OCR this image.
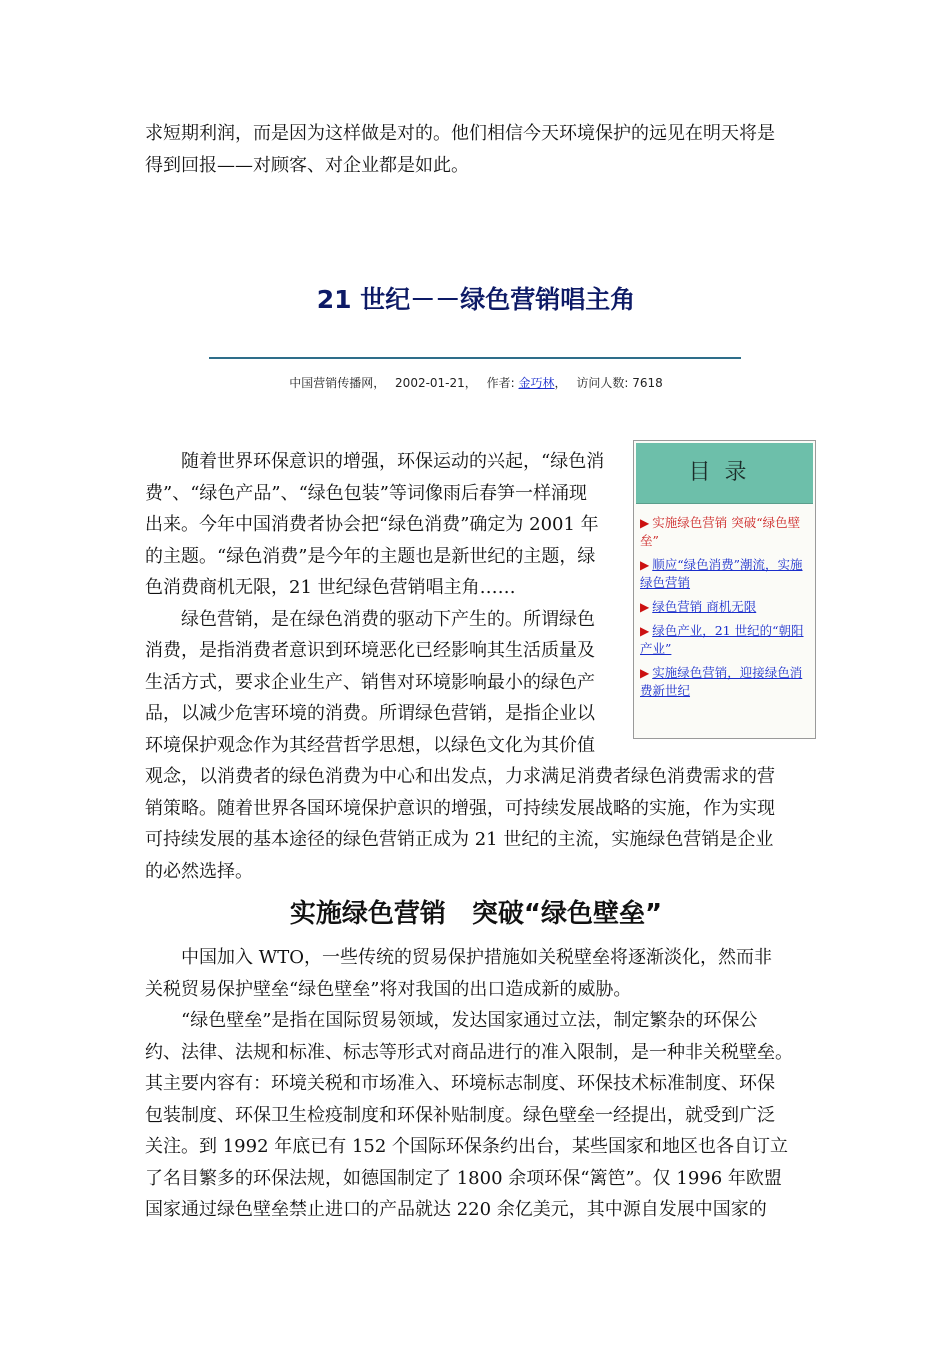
求短期利润，而是因为这样做是对的。他们相信今天环境保护的远见在明天将是
得到回报——对顾客、对企业都是如此。

21 世纪－－绿色营销唱主角
中国营销传播网， 2002-01-21， 作者: 金巧林， 访问人数: 7618
目录
▶ 实施绿色营销 突破“绿色壁垒”
▶ 顺应“绿色消费”潮流，实施绿色营销
▶ 绿色营销 商机无限
▶ 绿色产业，21 世纪的“朝阳产业”
▶ 实施绿色营销，迎接绿色消费新世纪
随着世界环保意识的增强，环保运动的兴起，“绿色消
费”、“绿色产品”、“绿色包装”等词像雨后春笋一样涌现
出来。今年中国消费者协会把“绿色消费”确定为 2001 年
的主题。“绿色消费”是今年的主题也是新世纪的主题，绿
色消费商机无限，21 世纪绿色营销唱主角……
绿色营销，是在绿色消费的驱动下产生的。所谓绿色
消费，是指消费者意识到环境恶化已经影响其生活质量及
生活方式，要求企业生产、销售对环境影响最小的绿色产
品，以减少危害环境的消费。所谓绿色营销，是指企业以
环境保护观念作为其经营哲学思想，以绿色文化为其价值
观念，以消费者的绿色消费为中心和出发点，力求满足消费者绿色消费需求的营
销策略。随着世界各国环境保护意识的增强，可持续发展战略的实施，作为实现
可持续发展的基本途径的绿色营销正成为 21 世纪的主流，实施绿色营销是企业
的必然选择。
实施绿色营销　突破“绿色壁垒”
中国加入 WTO，一些传统的贸易保护措施如关税壁垒将逐渐淡化，然而非
关税贸易保护壁垒“绿色壁垒”将对我国的出口造成新的威胁。
“绿色壁垒”是指在国际贸易领域，发达国家通过立法，制定繁杂的环保公
约、法律、法规和标准、标志等形式对商品进行的准入限制，是一种非关税壁垒。
其主要内容有：环境关税和市场准入、环境标志制度、环保技术标准制度、环保
包装制度、环保卫生检疫制度和环保补贴制度。绿色壁垒一经提出，就受到广泛
关注。到 1992 年底已有 152 个国际环保条约出台，某些国家和地区也各自订立
了名目繁多的环保法规，如德国制定了 1800 余项环保“篱笆”。仅 1996 年欧盟
国家通过绿色壁垒禁止进口的产品就达 220 余亿美元，其中源自发展中国家的
